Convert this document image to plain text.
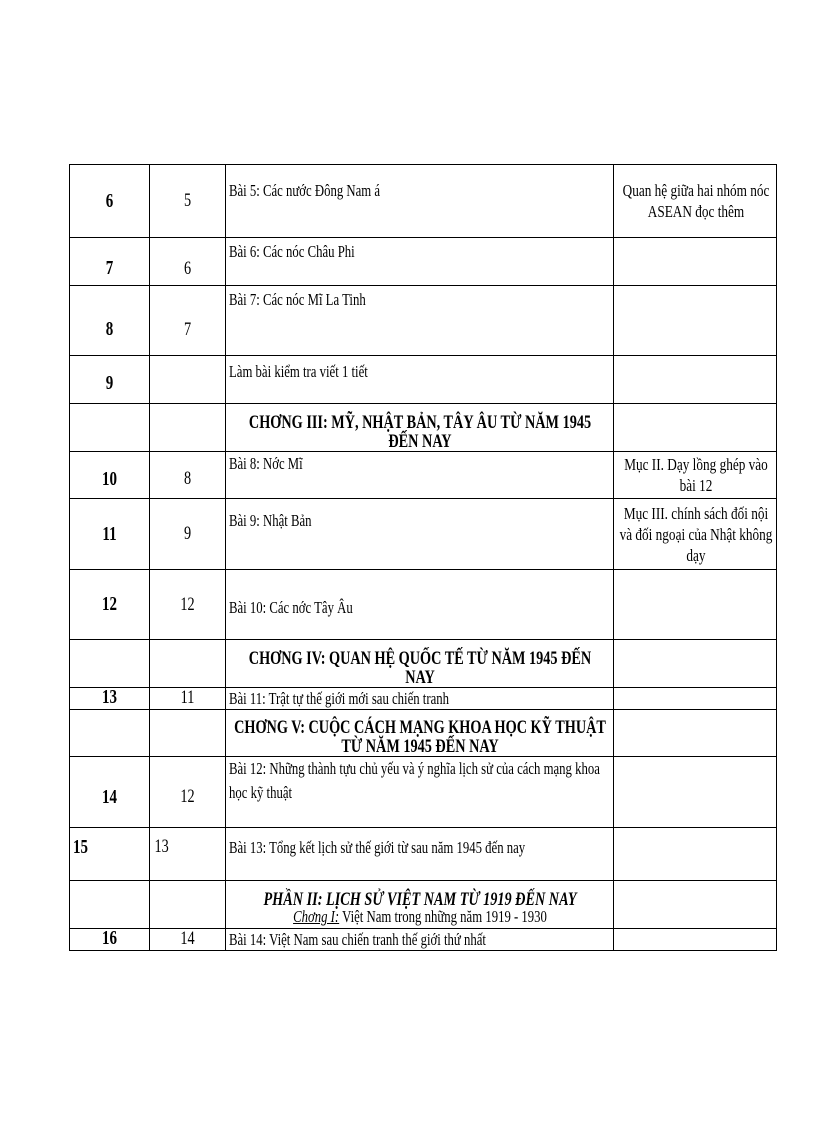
6	5	Bài 5: Các nước Đông Nam á	Quan hệ giữa hai nhóm nóc ASEAN đọc thêm

7	6	Bài 6: Các nóc Châu Phi	

8	7	Bài 7: Các nóc Mĩ La Tinh	

9		Làm bài kiểm tra viết 1 tiết	

		CHƠNG III: MỸ, NHẬT BẢN, TÂY ÂU TỪ NĂM 1945 ĐẾN NAY	

10	8	Bài 8: Nớc Mĩ	Mục II. Dạy lồng ghép vào bài 12

11	9	Bài 9: Nhật Bản	Mục III. chính sách đối nội và đối ngoại của Nhật không dạy

12	12	Bài 10: Các nớc Tây Âu	

		CHƠNG IV: QUAN HỆ QUỐC TẾ TỪ NĂM 1945 ĐẾN NAY	

13	11	Bài 11: Trật tự thế giới mới sau chiến tranh	

		CHƠNG V: CUỘC CÁCH MẠNG KHOA HỌC KỸ THUẬT TỪ NĂM 1945 ĐẾN NAY	

14	12	Bài 12: Những thành tựu chủ yếu và ý nghĩa lịch sử của cách mạng khoa học kỹ thuật	

15	13	Bài 13: Tổng kết lịch sử thế giới từ sau năm 1945 đến nay	

		PHẦN II: LỊCH SỬ VIỆT NAM TỪ 1919 ĐẾN NAY
Chơng I: Việt Nam trong những năm 1919 - 1930	

16	14	Bài 14: Việt Nam sau chiến tranh thế giới thứ nhất	
